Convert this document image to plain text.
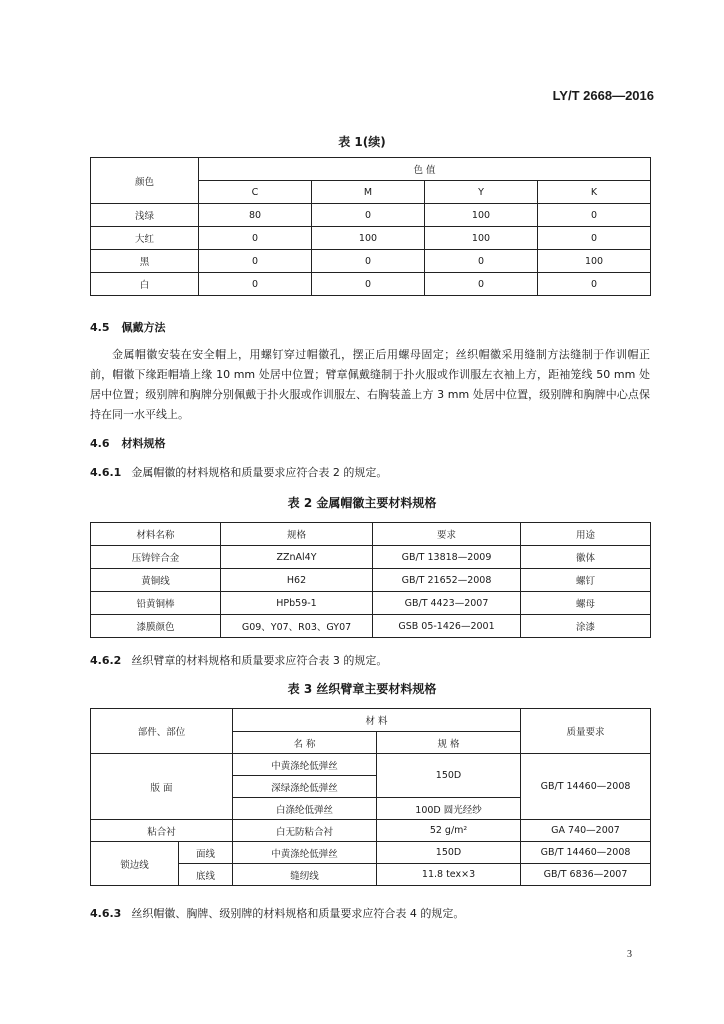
LY/T 2668—2016
表 1(续)
颜色	色 值			
	C	M	Y	K
浅绿	80	0	100	0
大红	0	100	100	0
黑	0	0	0	100
白	0	0	0	0
4.5 佩戴方法
金属帽徽安装在安全帽上，用螺钉穿过帽徽孔，摆正后用螺母固定；丝织帽徽采用缝制方法缝制于作训帽正前，帽徽下缘距帽墙上缘 10 mm 处居中位置；臂章佩戴缝制于扑火服或作训服左衣袖上方，距袖笼线 50 mm 处居中位置；级别牌和胸牌分别佩戴于扑火服或作训服左、右胸装盖上方 3 mm 处居中位置，级别牌和胸牌中心点保持在同一水平线上。
4.6 材料规格
4.6.1 金属帽徽的材料规格和质量要求应符合表 2 的规定。
表 2 金属帽徽主要材料规格
材料名称	规格	要求	用途
压铸锌合金	ZZnAl4Y	GB/T 13818—2009	徽体
黄铜线	H62	GB/T 21652—2008	螺钉
铅黄铜棒	HPb59-1	GB/T 4423—2007	螺母
漆膜颜色	G09、Y07、R03、GY07	GSB 05-1426—2001	涂漆
4.6.2 丝织臂章的材料规格和质量要求应符合表 3 的规定。
表 3 丝织臂章主要材料规格
部件、部位		材 料		质量要求
		名 称	规 格	
版 面		中黄涤纶低弹丝	150D	GB/T 14460—2008
		深绿涤纶低弹丝		
		白涤纶低弹丝	100D 圆光经纱	
粘合衬		白无防粘合衬	52 g/m²	GA 740—2007
锁边线	面线	中黄涤纶低弹丝	150D	GB/T 14460—2008
	底线	缝纫线	11.8 tex×3	GB/T 6836—2007
4.6.3 丝织帽徽、胸牌、级别牌的材料规格和质量要求应符合表 4 的规定。
3
